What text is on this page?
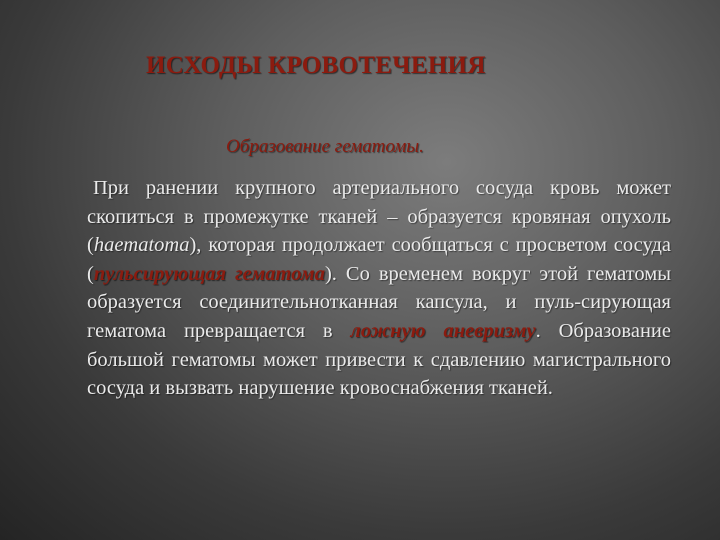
ИСХОДЫ КРОВОТЕЧЕНИЯ
Образование гематомы.
При ранении крупного артериального сосуда кровь может скопиться в промежутке тканей – образуется кровяная опухоль (haematoma), которая продолжает сообщаться с просветом сосуда (пульсирующая гематома). Со временем вокруг этой гематомы образуется соединительнотканная капсула, и пуль-сирующая гематома превращается в ложную аневризму. Образование большой гематомы может привести к сдавлению магистрального сосуда и вызвать нарушение кровоснабжения тканей.
